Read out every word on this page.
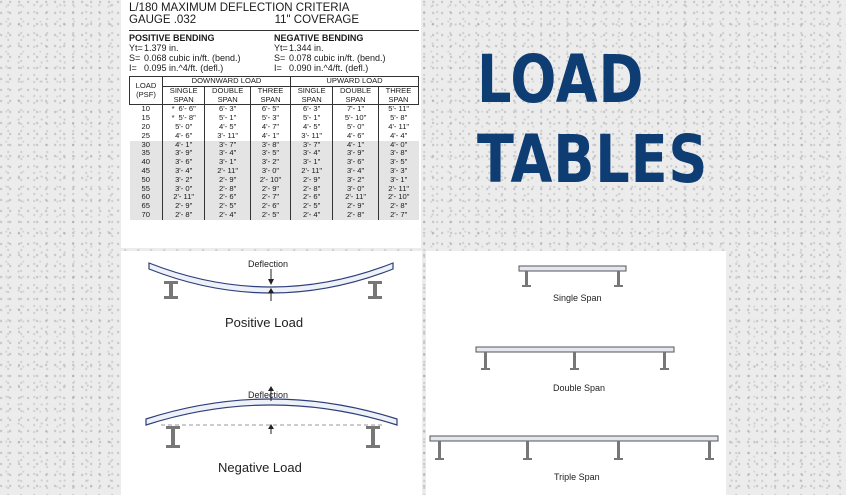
L/180 MAXIMUM DEFLECTION CRITERIA
GAUGE .032	11" COVERAGE
POSITIVE BENDING
Yt= 1.379 in.
S= 0.068 cubic in/ft. (bend.)
I= 0.095 in.^4/ft. (defl.)
NEGATIVE BENDING
Yt= 1.344 in.
S= 0.078 cubic in/ft. (bend.)
I= 0.090 in.^4/ft. (defl.)
LOAD (PSF)	DOWNWARD LOAD			UPWARD LOAD		
	SINGLE SPAN	DOUBLE SPAN	THREE SPAN	SINGLE SPAN	DOUBLE SPAN	THREE SPAN
10	* 6'- 6"	6'- 3"	6'- 5"	6'- 3"	7'- 1"	5'- 11"
15	* 5'- 8"	5'- 1"	5'- 3"	5'- 1"	5'- 10"	5'- 8"
20	5'- 0"	4'- 5"	4'- 7"	4'- 5"	5'- 0"	4'- 11"
25	4'- 6"	3'- 11"	4'- 1"	3'- 11"	4'- 6"	4'- 4"
30	4'- 1"	3'- 7"	3'- 8"	3'- 7"	4'- 1"	4'- 0"
35	3'- 9"	3'- 4"	3'- 5"	3'- 4"	3'- 9"	3'- 8"
40	3'- 6"	3'- 1"	3'- 2"	3'- 1"	3'- 6"	3'- 5"
45	3'- 4"	2'- 11"	3'- 0"	2'- 11"	3'- 4"	3'- 3"
50	3'- 2"	2'- 9"	2'- 10"	2'- 9"	3'- 2"	3'- 1"
55	3'- 0"	2'- 8"	2'- 9"	2'- 8"	3'- 0"	2'- 11"
60	2'- 11"	2'- 6"	2'- 7"	2'- 6"	2'- 11"	2'- 10"
65	2'- 9"	2'- 5"	2'- 6"	2'- 5"	2'- 9"	2'- 8"
70	2'- 8"	2'- 4"	2'- 5"	2'- 4"	2'- 8"	2'- 7"
LOAD
TABLES
Deflection
Positive Load
Deflection
Negative Load
Single Span
Double Span
Triple Span
